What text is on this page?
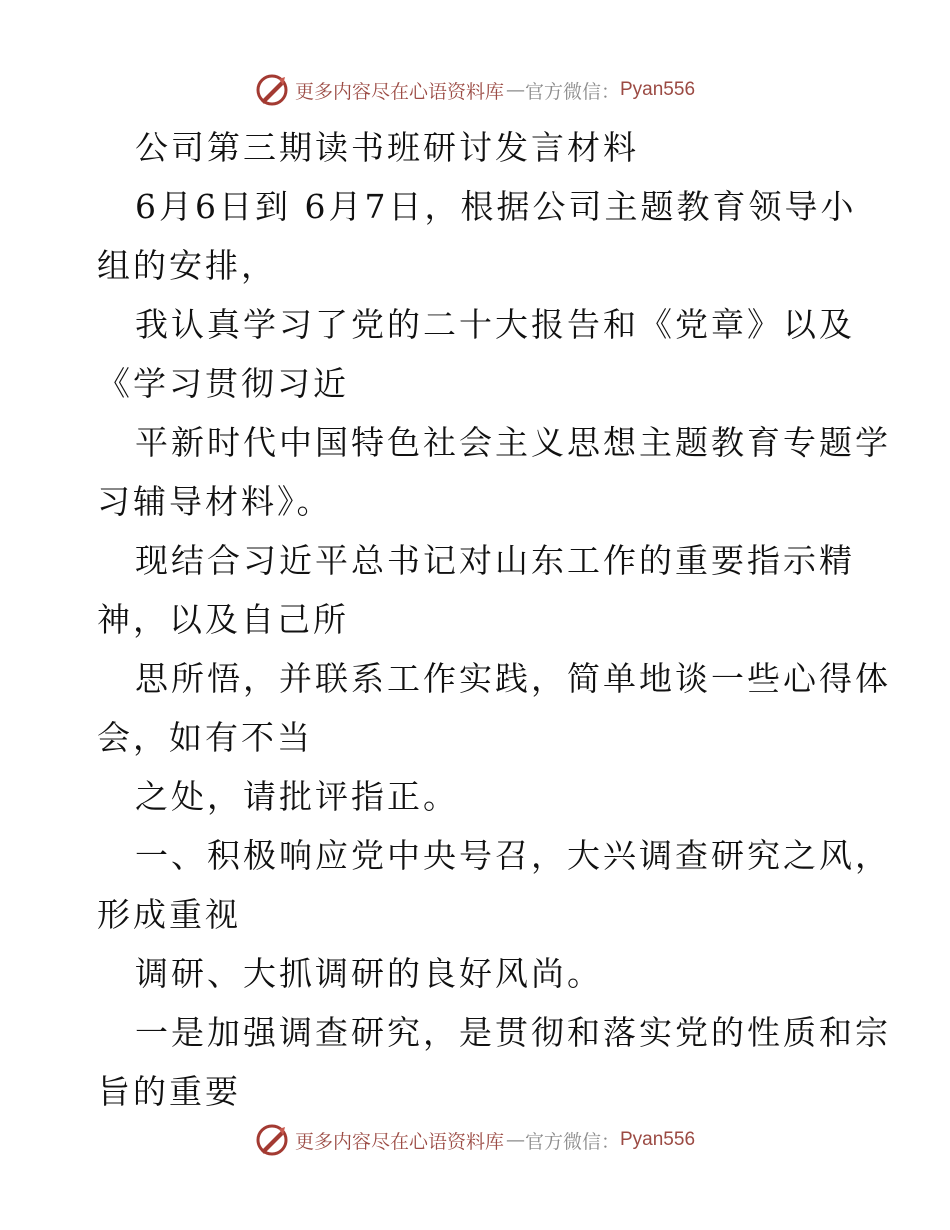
更多内容尽在心语资料库 — 官方微信： Pyan556
公司第三期读书班研讨发言材料
6月6日到 6月7日，根据公司主题教育领导小
组的安排，
我认真学习了党的二十大报告和《党章》以及
《学习贯彻习近
平新时代中国特色社会主义思想主题教育专题学
习辅导材料》。
现结合习近平总书记对山东工作的重要指示精
神，以及自己所
思所悟，并联系工作实践，简单地谈一些心得体
会，如有不当
之处，请批评指正。
一、积极响应党中央号召，大兴调查研究之风，
形成重视
调研、大抓调研的良好风尚。
一是加强调查研究，是贯彻和落实党的性质和宗
旨的重要
更多内容尽在心语资料库 — 官方微信： Pyan556
